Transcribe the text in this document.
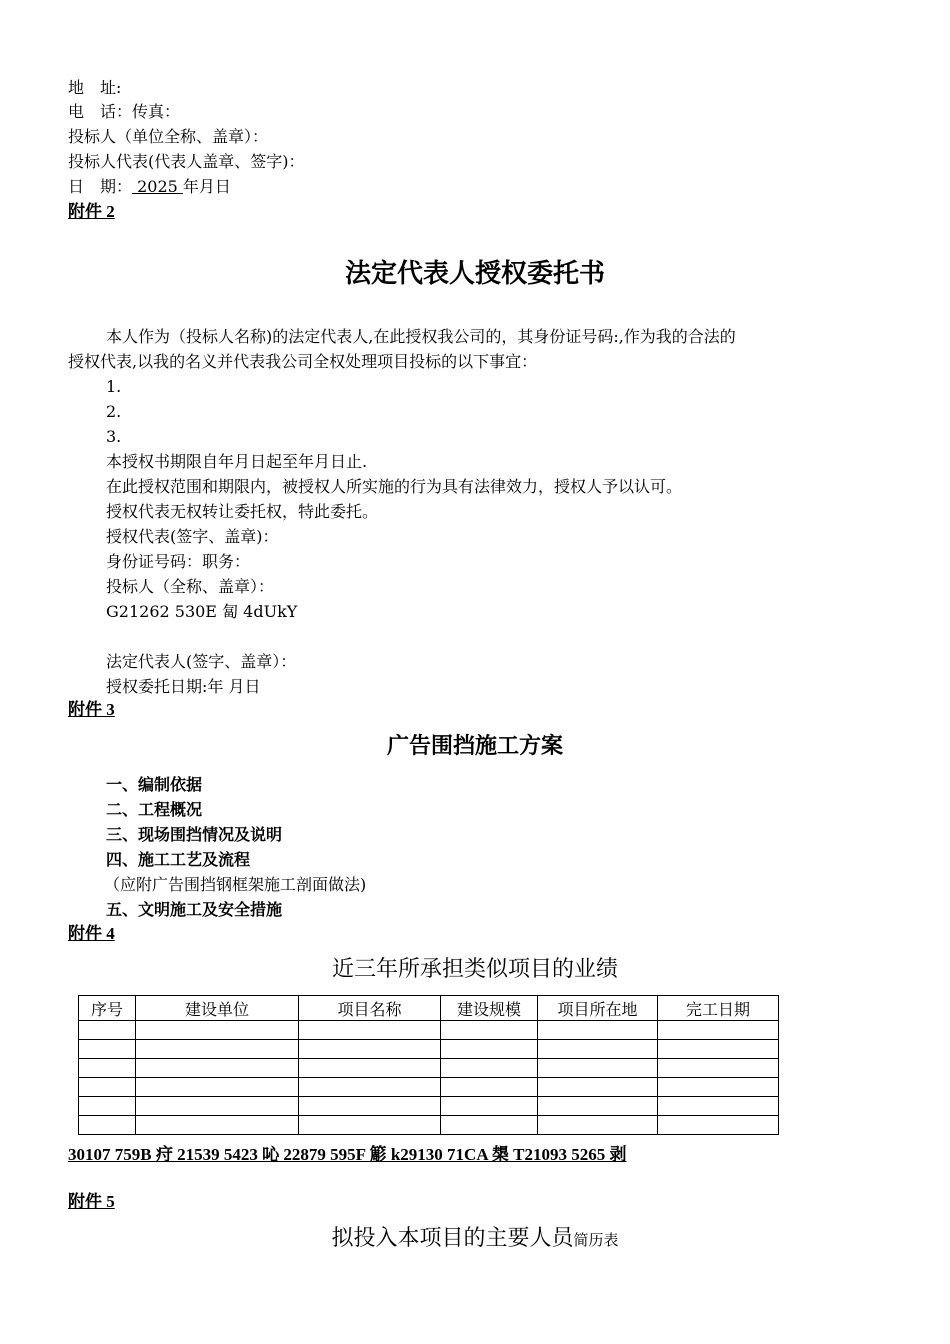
地　址:
电　话：传真：
投标人（单位全称、盖章）：
投标人代表(代表人盖章、签字)：
日　期： 2025 年月日
附件 2
法定代表人授权委托书
本人作为（投标人名称)的法定代表人,在此授权我公司的，其身份证号码:,作为我的合法的
授权代表,以我的名义并代表我公司全权处理项目投标的以下事宜：
1.
2.
3.
本授权书期限自年月日起至年月日止.
在此授权范围和期限内，被授权人所实施的行为具有法律效力，授权人予以认可。
授权代表无权转让委托权，特此委托。
授权代表(签字、盖章)：
身份证号码：职务：
投标人（全称、盖章）：
G21262 530E 匐 4dUkY
法定代表人(签字、盖章）：
授权委托日期:年 月日
附件 3
广告围挡施工方案
一、编制依据
二、工程概况
三、现场围挡情况及说明
四、施工工艺及流程
（应附广告围挡钢框架施工剖面做法)
五、文明施工及安全措施
附件 4
近三年所承担类似项目的业绩
序号	建设单位	项目名称	建设规模	项目所在地	完工日期

30107 759B 疛 21539 5423 吣 22879 595F 簓 k29130 71CA 槼 T21093 5265 剥
附件 5
拟投入本项目的主要人员简历表
